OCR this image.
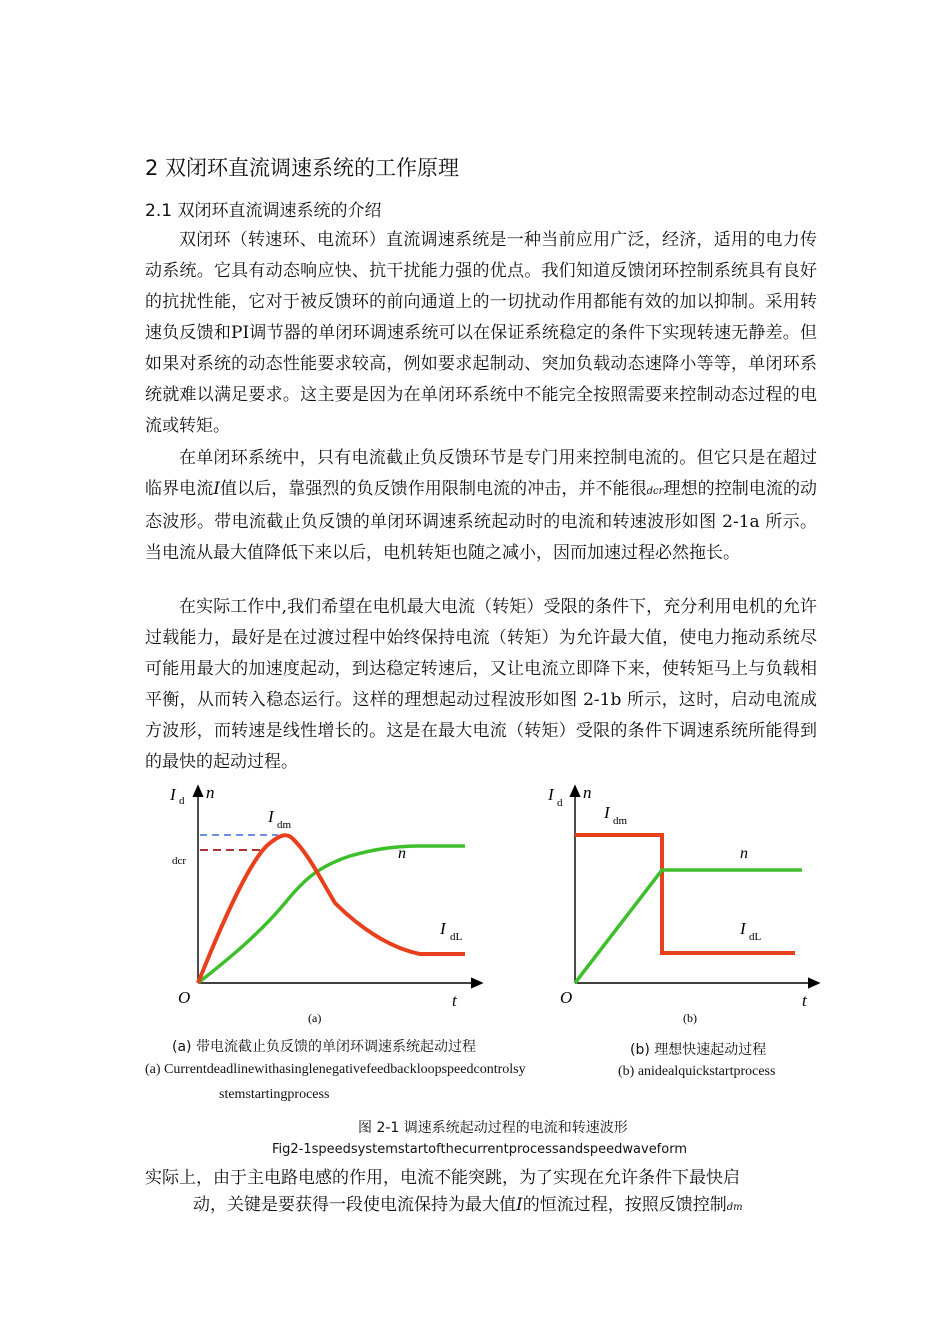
2 双闭环直流调速系统的工作原理
2.1 双闭环直流调速系统的介绍

双闭环（转速环、电流环）直流调速系统是一种当前应用广泛，经济，适用的电力传动系统。它具有动态响应快、抗干扰能力强的优点。我们知道反馈闭环控制系统具有良好的抗扰性能，它对于被反馈环的前向通道上的一切扰动作用都能有效的加以抑制。采用转速负反馈和PI调节器的单闭环调速系统可以在保证系统稳定的条件下实现转速无静差。但如果对系统的动态性能要求较高，例如要求起制动、突加负载动态速降小等等，单闭环系统就难以满足要求。这主要是因为在单闭环系统中不能完全按照需要来控制动态过程的电流或转矩。

在单闭环系统中，只有电流截止负反馈环节是专门用来控制电流的。但它只是在超过临界电流I值以后，靠强烈的负反馈作用限制电流的冲击，并不能很dcr理想的控制电流的动态波形。带电流截止负反馈的单闭环调速系统起动时的电流和转速波形如图 2-1a 所示。当电流从最大值降低下来以后，电机转矩也随之减小，因而加速过程必然拖长。

在实际工作中,我们希望在电机最大电流（转矩）受限的条件下，充分利用电机的允许过载能力，最好是在过渡过程中始终保持电流（转矩）为允许最大值，使电力拖动系统尽可能用最大的加速度起动，到达稳定转速后，又让电流立即降下来，使转矩马上与负载相平衡，从而转入稳态运行。这样的理想起动过程波形如图 2-1b 所示，这时，启动电流成方波形，而转速是线性增长的。这是在最大电流（转矩）受限的条件下调速系统所能得到的最快的起动过程。

I d n
I dm
dcr	n
I dL
O	t
(a)
I d
n
I dm
n
I dL
O	t
(b)
(a) 带电流截止负反馈的单闭环调速系统起动过程
(a) Currentdeadlinewithasinglenegativefeedbackloopspeedcontrolsy
stemstartingprocess
(b) 理想快速起动过程
(b) anidealquickstartprocess
图 2-1 调速系统起动过程的电流和转速波形
Fig2-1speedsystemstartofthecurrentprocessandspeedwaveform

实际上，由于主电路电感的作用，电流不能突跳，为了实现在允许条件下最快启
动，关键是要获得一段使电流保持为最大值I的恒流过程，按照反馈控制dm
